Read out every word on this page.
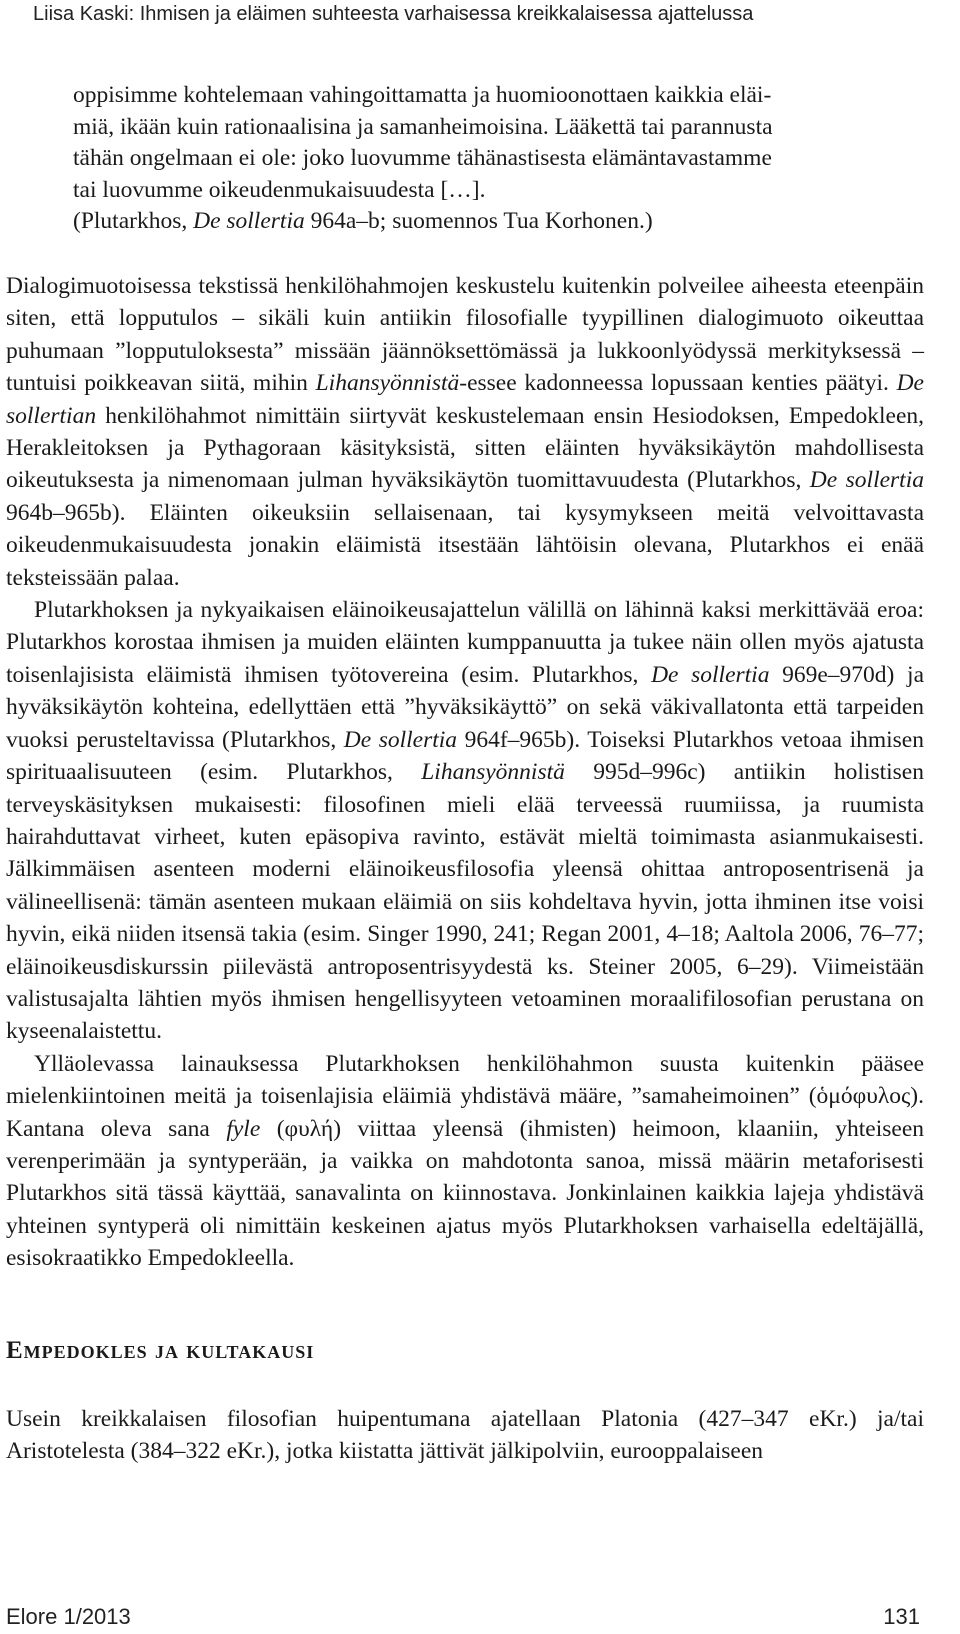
Liisa Kaski: Ihmisen ja eläimen suhteesta varhaisessa kreikkalaisessa ajattelussa
oppisimme kohtelemaan vahingoittamatta ja huomioonottaen kaikkia eläi-
miä, ikään kuin rationaalisina ja samanheimoisina. Lääkettä tai parannusta
tähän ongelmaan ei ole: joko luovumme tähänastisesta elämäntavastamme
tai luovumme oikeudenmukaisuudesta […].
(Plutarkhos, De sollertia 964a–b; suomennos Tua Korhonen.)

Dialogimuotoisessa tekstissä henkilöhahmojen keskustelu kuitenkin polveilee aiheesta eteenpäin siten, että lopputulos – sikäli kuin antiikin filosofialle tyypillinen dialogimuoto oikeuttaa puhumaan ”lopputuloksesta” missään jäännöksettömässä ja lukkoonlyödyssä merkityksessä – tuntuisi poikkeavan siitä, mihin Lihansyönnistä-essee kadonneessa lopussaan kenties päätyi. De sollertian henkilöhahmot nimittäin siirtyvät keskustelemaan ensin Hesiodoksen, Empedokleen, Herakleitoksen ja Pythagoraan käsityksistä, sitten eläinten hyväksikäytön mahdollisesta oikeutuksesta ja nimenomaan julman hyväksikäytön tuomittavuudesta (Plutarkhos, De sollertia 964b–965b). Eläinten oikeuksiin sellaisenaan, tai kysymykseen meitä velvoittavasta oikeudenmukaisuudesta jonakin eläimistä itsestään lähtöisin olevana, Plutarkhos ei enää teksteissään palaa.

Plutarkhoksen ja nykyaikaisen eläinoikeusajattelun välillä on lähinnä kaksi merkittävää eroa: Plutarkhos korostaa ihmisen ja muiden eläinten kumppanuutta ja tukee näin ollen myös ajatusta toisenlajisista eläimistä ihmisen työtovereina (esim. Plutarkhos, De sollertia 969e–970d) ja hyväksikäytön kohteina, edellyttäen että ”hyväksikäyttö” on sekä väkivallatonta että tarpeiden vuoksi perusteltavissa (Plutarkhos, De sollertia 964f–965b). Toiseksi Plutarkhos vetoaa ihmisen spirituaalisuuteen (esim. Plutarkhos, Lihansyönnistä 995d–996c) antiikin holistisen terveyskäsityksen mukaisesti: filosofinen mieli elää terveessä ruumiissa, ja ruumista hairahduttavat virheet, kuten epäsopiva ravinto, estävät mieltä toimimasta asianmukaisesti. Jälkimmäisen asenteen moderni eläinoikeusfilosofia yleensä ohittaa antroposentrisenä ja välineellisenä: tämän asenteen mukaan eläimiä on siis kohdeltava hyvin, jotta ihminen itse voisi hyvin, eikä niiden itsensä takia (esim. Singer 1990, 241; Regan 2001, 4–18; Aaltola 2006, 76–77; eläinoikeusdiskurssin piilevästä antroposentrisyydestä ks. Steiner 2005, 6–29). Viimeistään valistusajalta lähtien myös ihmisen hengellisyyteen vetoaminen moraalifilosofian perustana on kyseenalaistettu.

Ylläolevassa lainauksessa Plutarkhoksen henkilöhahmon suusta kuitenkin pääsee mielenkiintoinen meitä ja toisenlajisia eläimiä yhdistävä määre, ”samaheimoinen” (ὁμόφυλος). Kantana oleva sana fyle (φυλή) viittaa yleensä (ihmisten) heimoon, klaaniin, yhteiseen verenperimään ja syntyperään, ja vaikka on mahdotonta sanoa, missä määrin metaforisesti Plutarkhos sitä tässä käyttää, sanavalinta on kiinnostava. Jonkinlainen kaikkia lajeja yhdistävä yhteinen syntyperä oli nimittäin keskeinen ajatus myös Plutarkhoksen varhaisella edeltäjällä, esisokraatikko Empedokleella.

Empedokles ja kultakausi

Usein kreikkalaisen filosofian huipentumana ajatellaan Platonia (427–347 eKr.) ja/tai Aristotelesta (384–322 eKr.), jotka kiistatta jättivät jälkipolviin, eurooppalaiseen

Elore 1/2013	131
